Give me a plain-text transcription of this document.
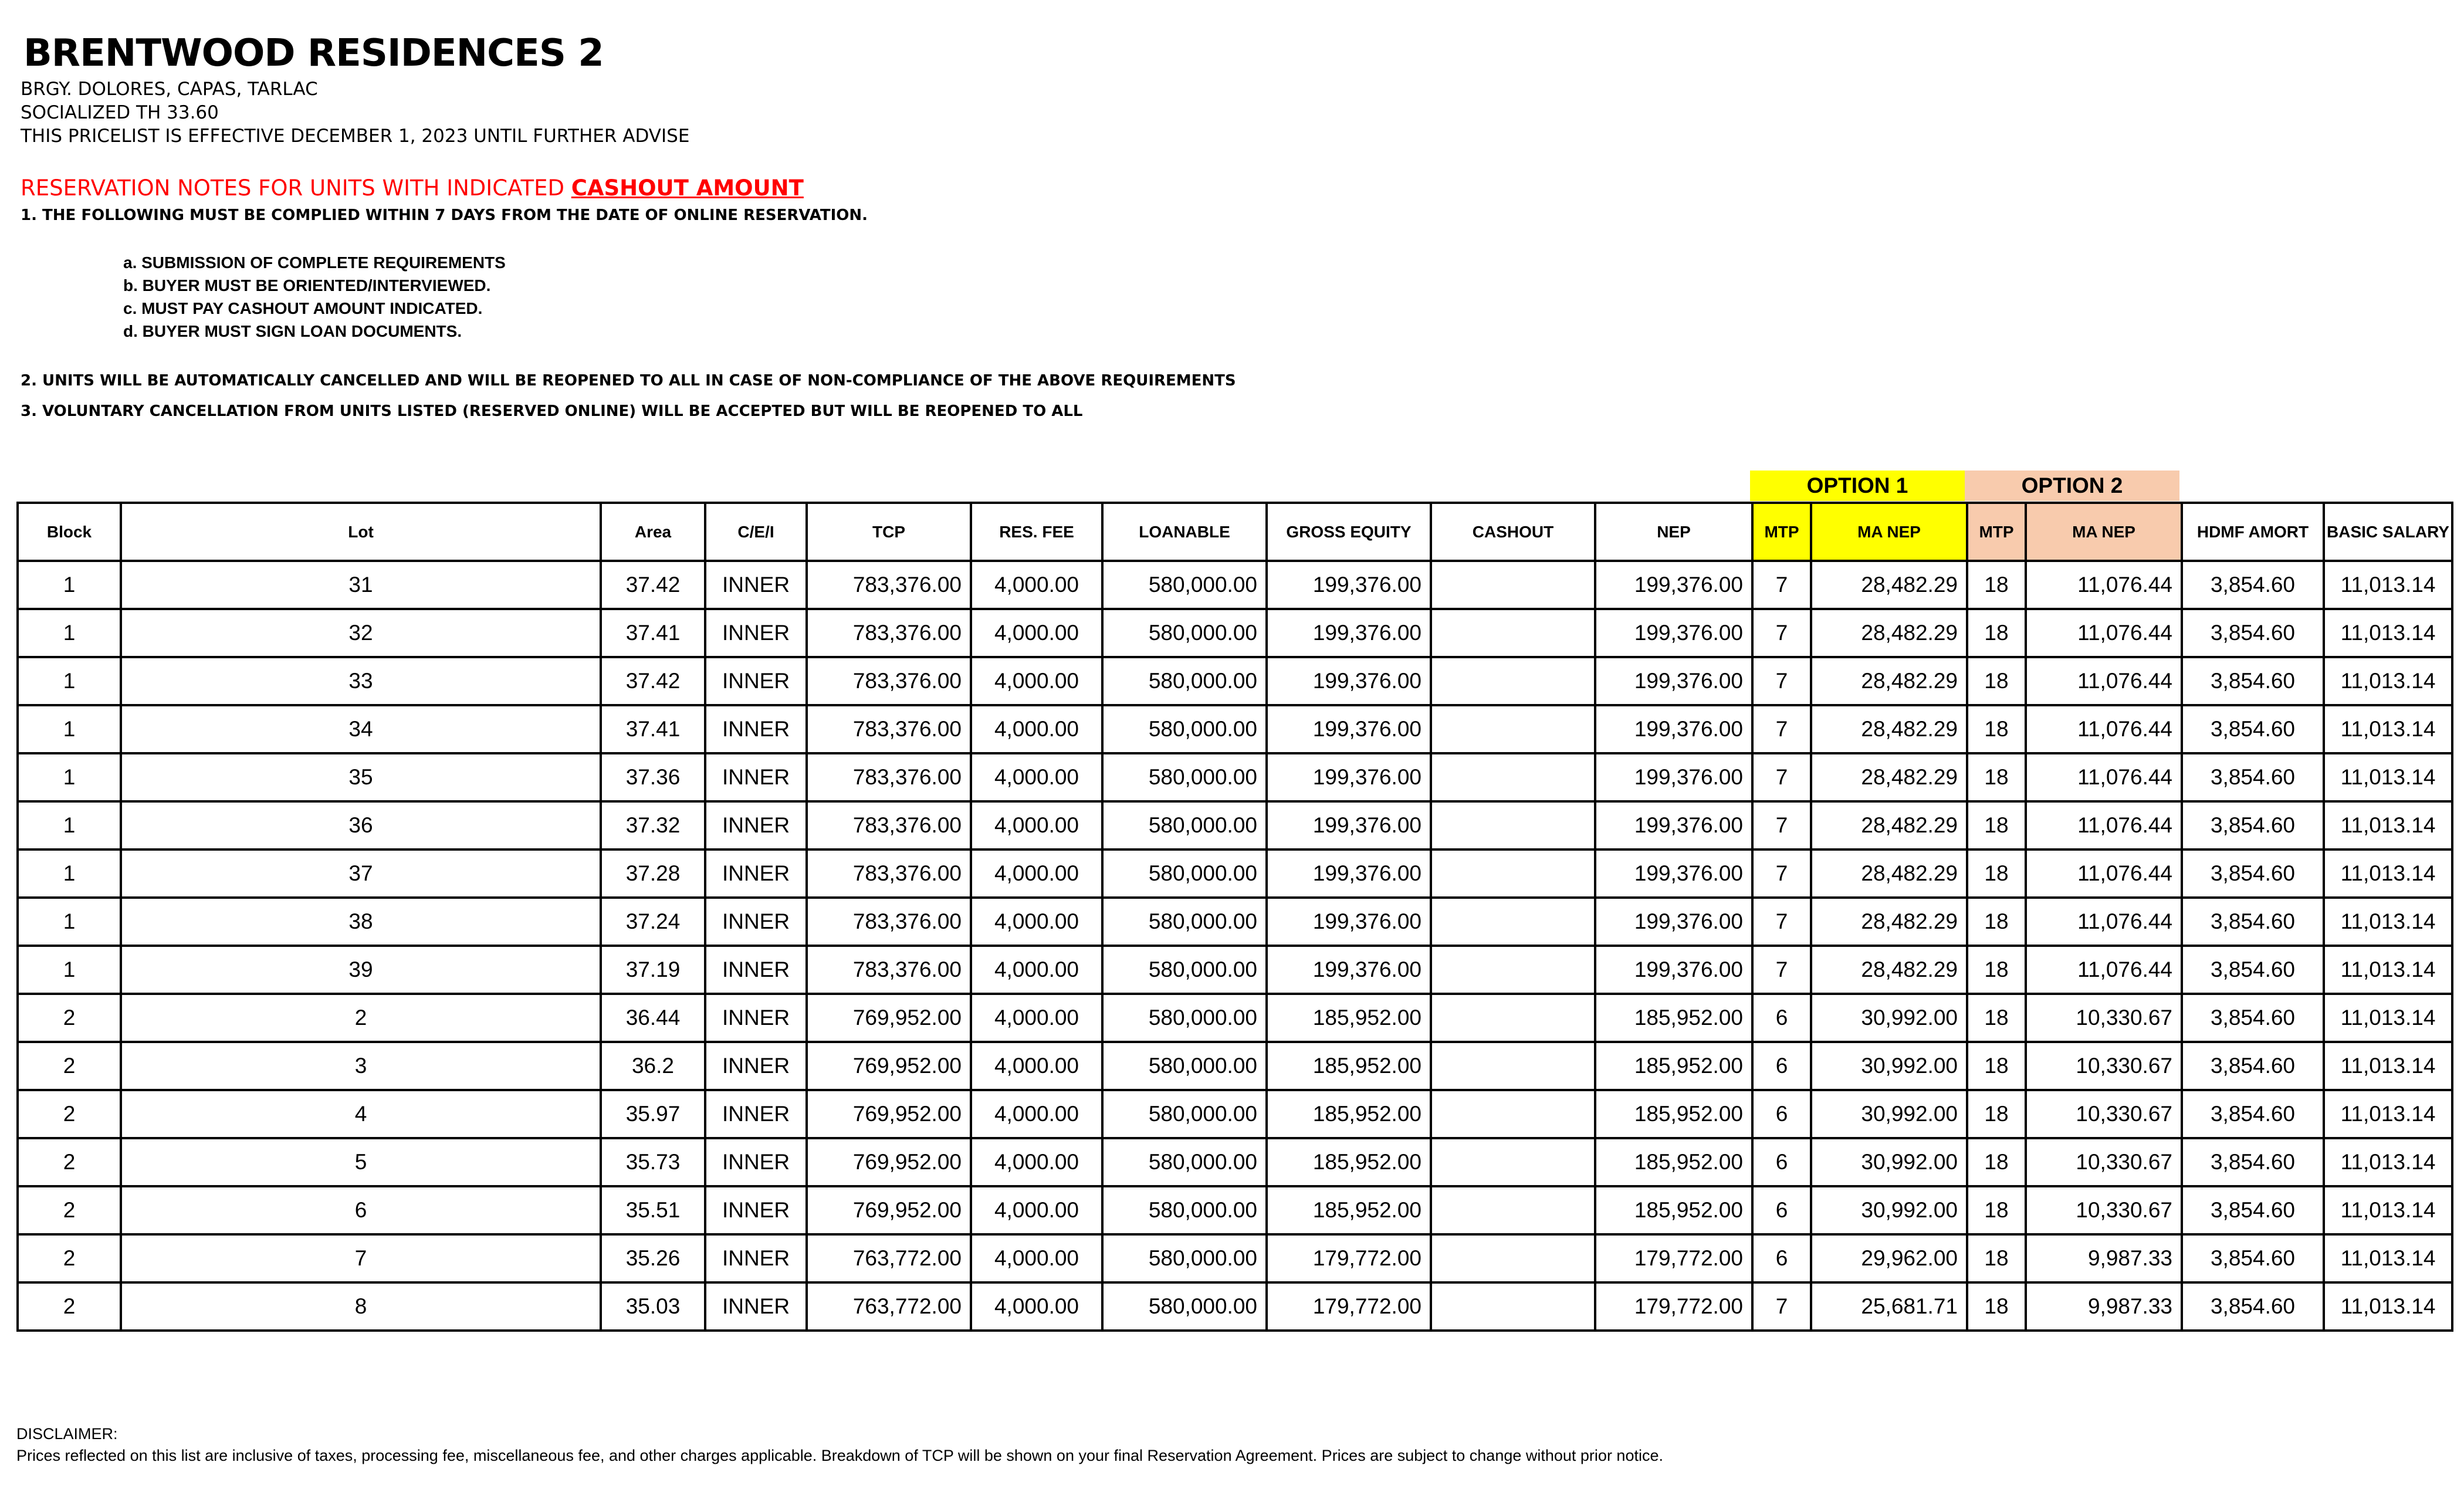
BRENTWOOD RESIDENCES 2
BRGY. DOLORES, CAPAS, TARLAC
SOCIALIZED TH 33.60
THIS PRICELIST IS EFFECTIVE DECEMBER 1, 2023 UNTIL FURTHER ADVISE
RESERVATION NOTES FOR UNITS WITH INDICATED CASHOUT AMOUNT
1. THE FOLLOWING MUST BE COMPLIED WITHIN 7 DAYS FROM THE DATE OF ONLINE RESERVATION.
a. SUBMISSION OF COMPLETE REQUIREMENTS
b. BUYER MUST BE ORIENTED/INTERVIEWED.
c. MUST PAY CASHOUT AMOUNT INDICATED.
d. BUYER MUST SIGN LOAN DOCUMENTS.
2. UNITS WILL BE AUTOMATICALLY CANCELLED AND WILL BE REOPENED TO ALL IN CASE OF NON-COMPLIANCE OF THE ABOVE REQUIREMENTS
3. VOLUNTARY CANCELLATION FROM UNITS LISTED (RESERVED ONLINE) WILL BE ACCEPTED BUT WILL BE REOPENED TO ALL
OPTION 1	OPTION 2
Block	Lot	Area	C/E/I	TCP	RES. FEE	LOANABLE	GROSS EQUITY	CASHOUT	NEP	MTP	MA NEP	MTP	MA NEP	HDMF AMORT	BASIC SALARY
1	31	37.42	INNER	783,376.00	4,000.00	580,000.00	199,376.00		199,376.00	7	28,482.29	18	11,076.44	3,854.60	11,013.14
1	32	37.41	INNER	783,376.00	4,000.00	580,000.00	199,376.00		199,376.00	7	28,482.29	18	11,076.44	3,854.60	11,013.14
1	33	37.42	INNER	783,376.00	4,000.00	580,000.00	199,376.00		199,376.00	7	28,482.29	18	11,076.44	3,854.60	11,013.14
1	34	37.41	INNER	783,376.00	4,000.00	580,000.00	199,376.00		199,376.00	7	28,482.29	18	11,076.44	3,854.60	11,013.14
1	35	37.36	INNER	783,376.00	4,000.00	580,000.00	199,376.00		199,376.00	7	28,482.29	18	11,076.44	3,854.60	11,013.14
1	36	37.32	INNER	783,376.00	4,000.00	580,000.00	199,376.00		199,376.00	7	28,482.29	18	11,076.44	3,854.60	11,013.14
1	37	37.28	INNER	783,376.00	4,000.00	580,000.00	199,376.00		199,376.00	7	28,482.29	18	11,076.44	3,854.60	11,013.14
1	38	37.24	INNER	783,376.00	4,000.00	580,000.00	199,376.00		199,376.00	7	28,482.29	18	11,076.44	3,854.60	11,013.14
1	39	37.19	INNER	783,376.00	4,000.00	580,000.00	199,376.00		199,376.00	7	28,482.29	18	11,076.44	3,854.60	11,013.14
2	2	36.44	INNER	769,952.00	4,000.00	580,000.00	185,952.00		185,952.00	6	30,992.00	18	10,330.67	3,854.60	11,013.14
2	3	36.2	INNER	769,952.00	4,000.00	580,000.00	185,952.00		185,952.00	6	30,992.00	18	10,330.67	3,854.60	11,013.14
2	4	35.97	INNER	769,952.00	4,000.00	580,000.00	185,952.00		185,952.00	6	30,992.00	18	10,330.67	3,854.60	11,013.14
2	5	35.73	INNER	769,952.00	4,000.00	580,000.00	185,952.00		185,952.00	6	30,992.00	18	10,330.67	3,854.60	11,013.14
2	6	35.51	INNER	769,952.00	4,000.00	580,000.00	185,952.00		185,952.00	6	30,992.00	18	10,330.67	3,854.60	11,013.14
2	7	35.26	INNER	763,772.00	4,000.00	580,000.00	179,772.00		179,772.00	6	29,962.00	18	9,987.33	3,854.60	11,013.14
2	8	35.03	INNER	763,772.00	4,000.00	580,000.00	179,772.00		179,772.00	7	25,681.71	18	9,987.33	3,854.60	11,013.14
DISCLAIMER:
Prices reflected on this list are inclusive of taxes, processing fee, miscellaneous fee, and other charges applicable. Breakdown of TCP will be shown on your final Reservation Agreement. Prices are subject to change without prior notice.
